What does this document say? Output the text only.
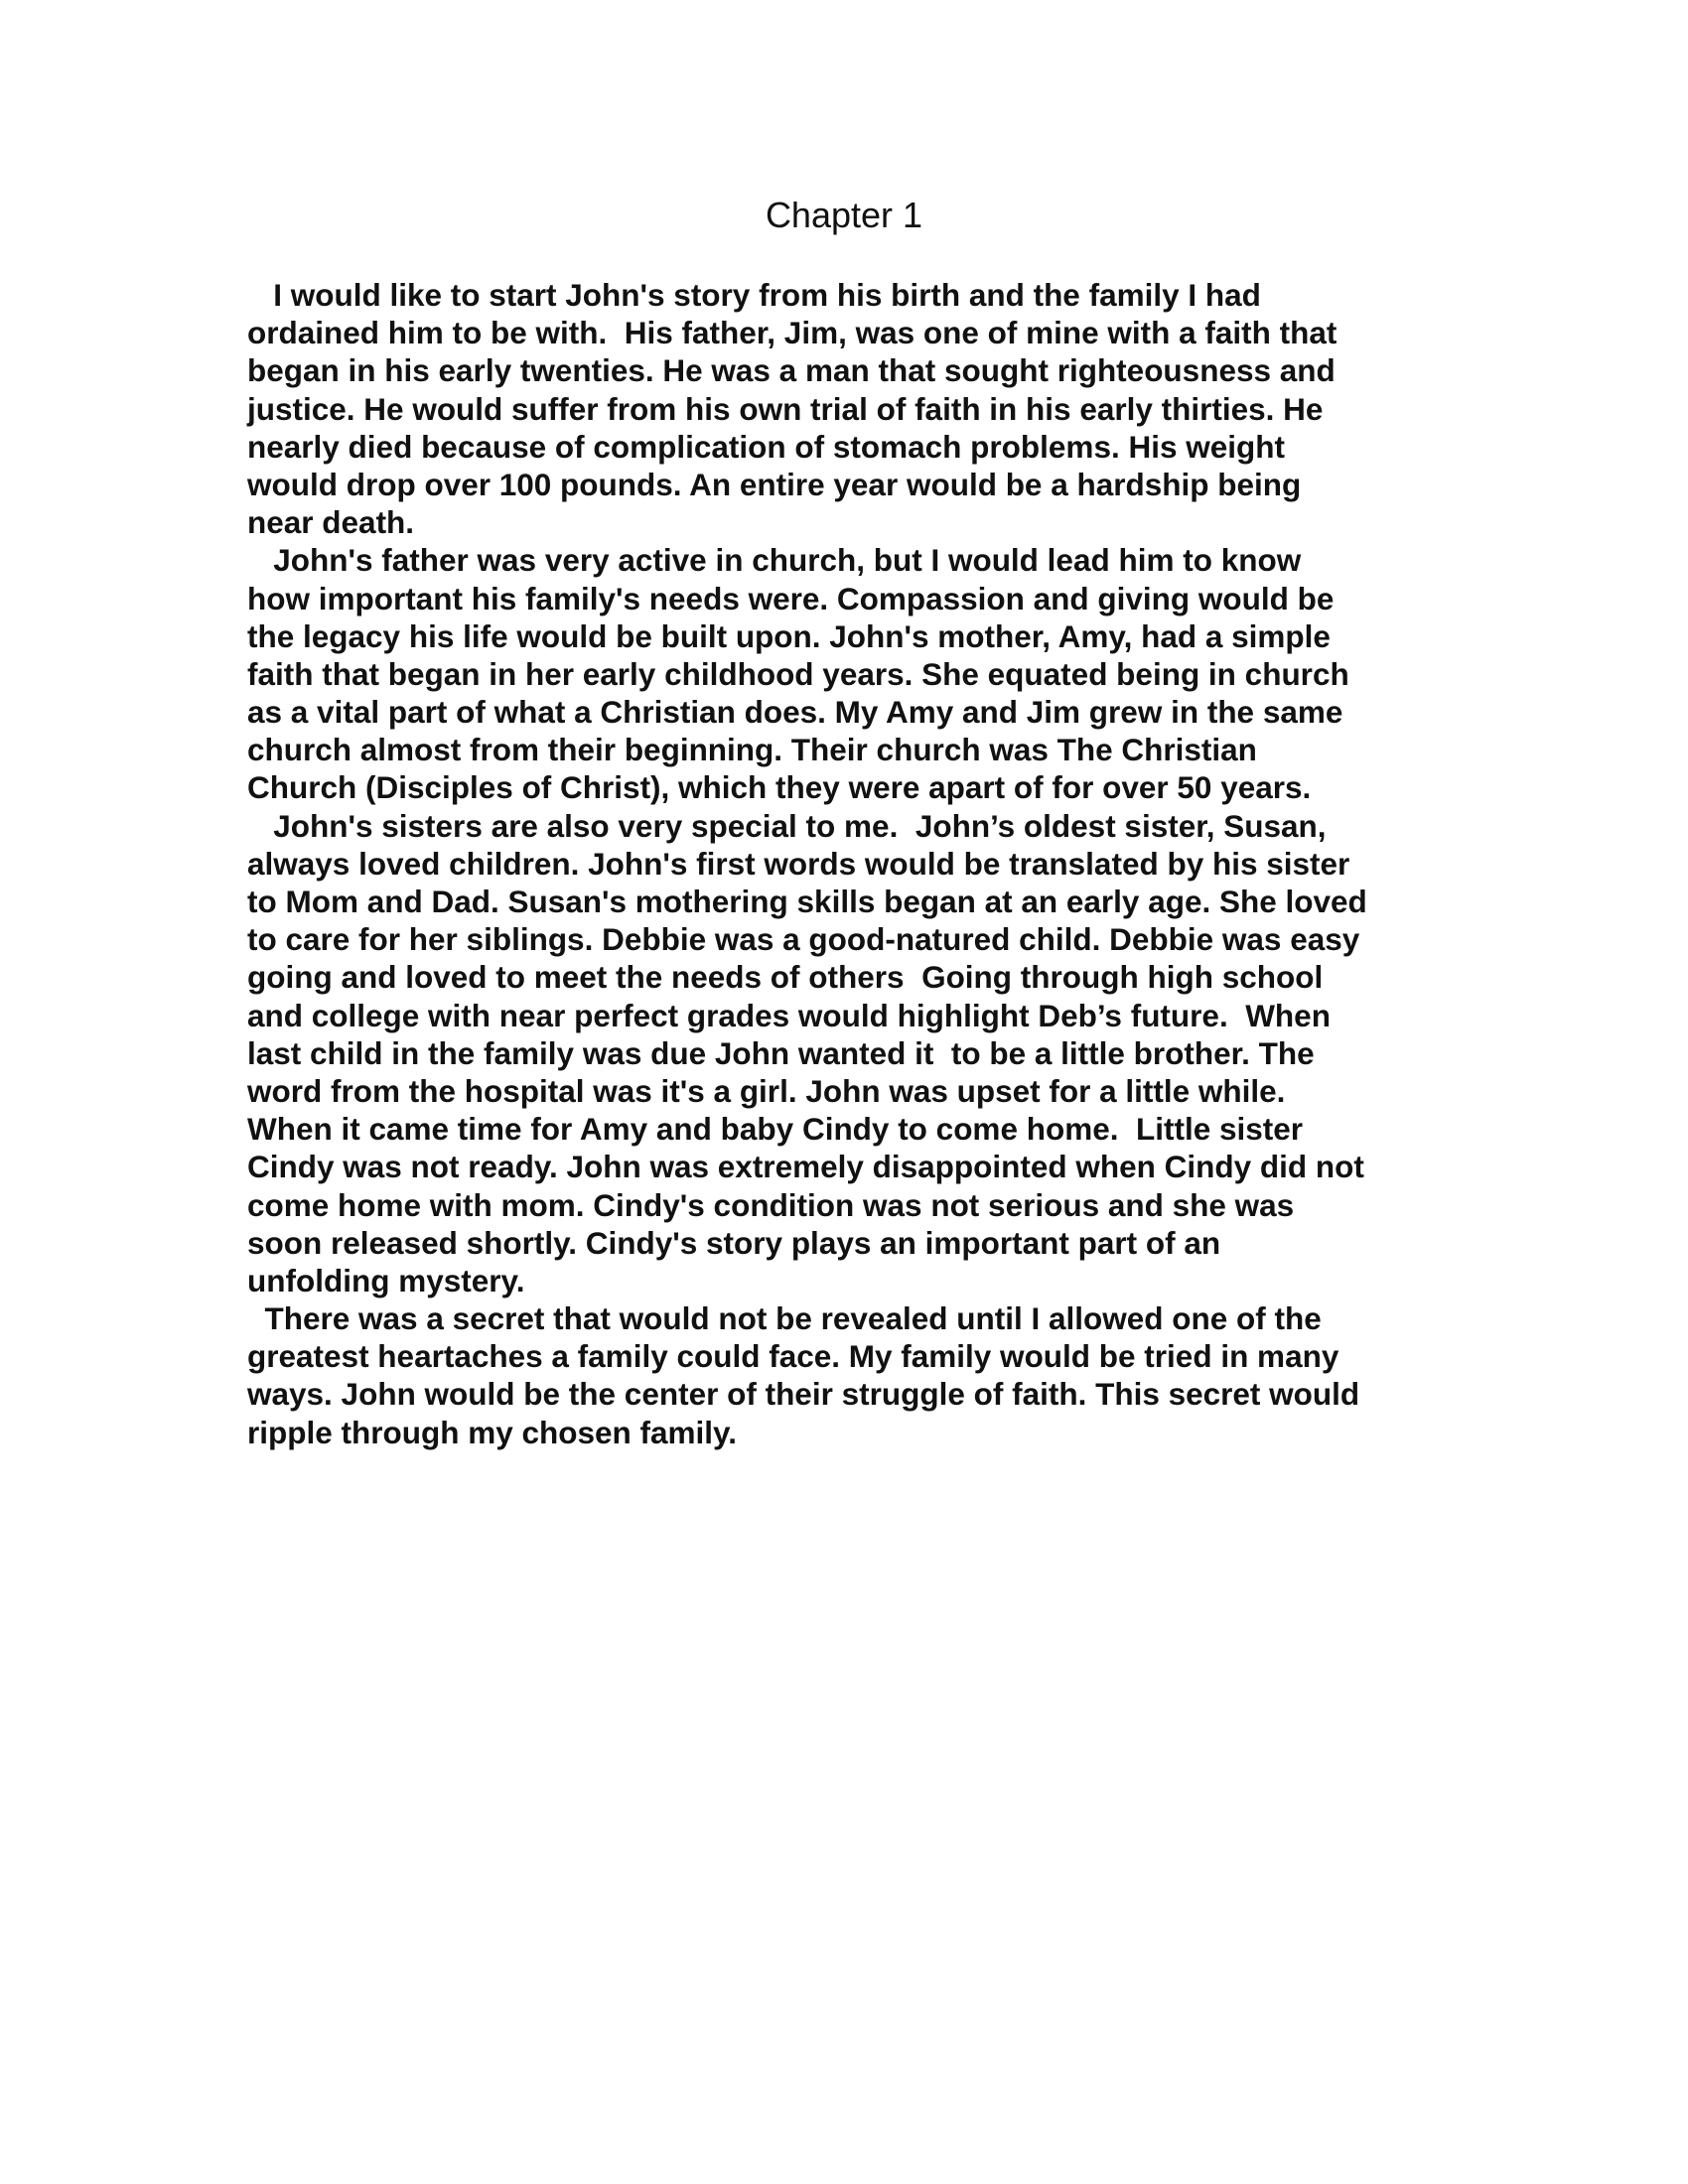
Chapter 1
I would like to start John's story from his birth and the family I had
ordained him to be with.  His father, Jim, was one of mine with a faith that
began in his early twenties. He was a man that sought righteousness and
justice. He would suffer from his own trial of faith in his early thirties. He
nearly died because of complication of stomach problems. His weight
would drop over 100 pounds. An entire year would be a hardship being
near death.
John's father was very active in church, but I would lead him to know
how important his family's needs were. Compassion and giving would be
the legacy his life would be built upon. John's mother, Amy, had a simple
faith that began in her early childhood years. She equated being in church
as a vital part of what a Christian does. My Amy and Jim grew in the same
church almost from their beginning. Their church was The Christian
Church (Disciples of Christ), which they were apart of for over 50 years.
John's sisters are also very special to me.  John’s oldest sister, Susan,
always loved children. John's first words would be translated by his sister
to Mom and Dad. Susan's mothering skills began at an early age. She loved
to care for her siblings. Debbie was a good-natured child. Debbie was easy
going and loved to meet the needs of others  Going through high school
and college with near perfect grades would highlight Deb’s future.  When
last child in the family was due John wanted it  to be a little brother. The
word from the hospital was it's a girl. John was upset for a little while.
When it came time for Amy and baby Cindy to come home.  Little sister
Cindy was not ready. John was extremely disappointed when Cindy did not
come home with mom. Cindy's condition was not serious and she was
soon released shortly. Cindy's story plays an important part of an
unfolding mystery.
There was a secret that would not be revealed until I allowed one of the
greatest heartaches a family could face. My family would be tried in many
ways. John would be the center of their struggle of faith. This secret would
ripple through my chosen family.
